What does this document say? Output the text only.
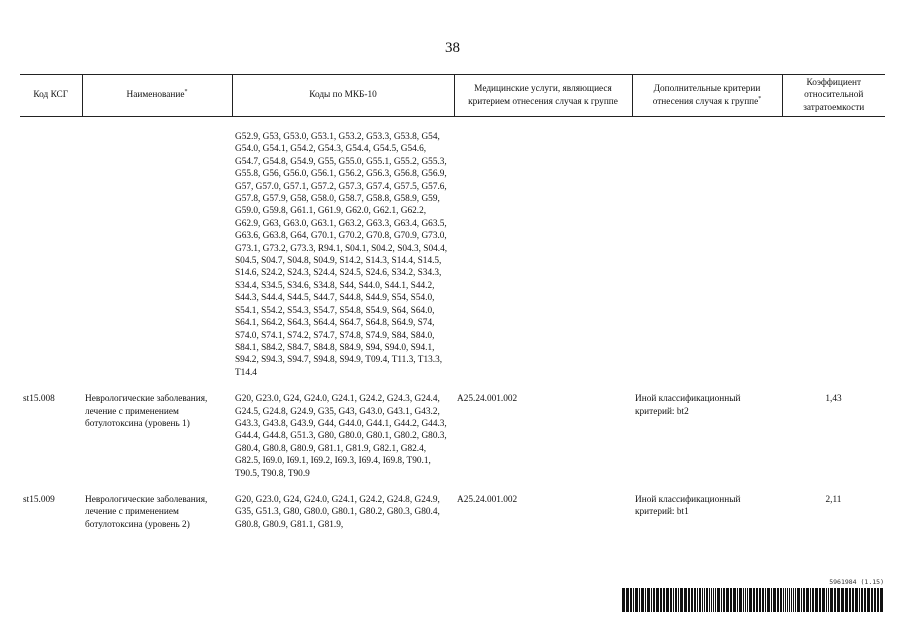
38
Код КСГ	Наименование*	Коды по МКБ-10	Медицинские услуги, являющиеся критерием отнесения случая к группе	Дополнительные критерии отнесения случая к группе*	Коэффициент относительной затратоемкости

		G52.9, G53, G53.0, G53.1, G53.2, G53.3, G53.8, G54, G54.0, G54.1, G54.2, G54.3, G54.4, G54.5, G54.6, G54.7, G54.8, G54.9, G55, G55.0, G55.1, G55.2, G55.3, G55.8, G56, G56.0, G56.1, G56.2, G56.3, G56.8, G56.9, G57, G57.0, G57.1, G57.2, G57.3, G57.4, G57.5, G57.6, G57.8, G57.9, G58, G58.0, G58.7, G58.8, G58.9, G59, G59.0, G59.8, G61.1, G61.9, G62.0, G62.1, G62.2, G62.9, G63, G63.0, G63.1, G63.2, G63.3, G63.4, G63.5, G63.6, G63.8, G64, G70.1, G70.2, G70.8, G70.9, G73.0, G73.1, G73.2, G73.3, R94.1, S04.1, S04.2, S04.3, S04.4, S04.5, S04.7, S04.8, S04.9, S14.2, S14.3, S14.4, S14.5, S14.6, S24.2, S24.3, S24.4, S24.5, S24.6, S34.2, S34.3, S34.4, S34.5, S34.6, S34.8, S44, S44.0, S44.1, S44.2, S44.3, S44.4, S44.5, S44.7, S44.8, S44.9, S54, S54.0, S54.1, S54.2, S54.3, S54.7, S54.8, S54.9, S64, S64.0, S64.1, S64.2, S64.3, S64.4, S64.7, S64.8, S64.9, S74, S74.0, S74.1, S74.2, S74.7, S74.8, S74.9, S84, S84.0, S84.1, S84.2, S84.7, S84.8, S84.9, S94, S94.0, S94.1, S94.2, S94.3, S94.7, S94.8, S94.9, T09.4, T11.3, T13.3, T14.4			

st15.008	Неврологические заболевания, лечение с применением ботулотоксина (уровень 1)	G20, G23.0, G24, G24.0, G24.1, G24.2, G24.3, G24.4, G24.5, G24.8, G24.9, G35, G43, G43.0, G43.1, G43.2, G43.3, G43.8, G43.9, G44, G44.0, G44.1, G44.2, G44.3, G44.4, G44.8, G51.3, G80, G80.0, G80.1, G80.2, G80.3, G80.4, G80.8, G80.9, G81.1, G81.9, G82.1, G82.4, G82.5, I69.0, I69.1, I69.2, I69.3, I69.4, I69.8, T90.1, T90.5, T90.8, T90.9	A25.24.001.002	Иной классификационный критерий: bt2	1,43

st15.009	Неврологические заболевания, лечение с применением ботулотоксина (уровень 2)	G20, G23.0, G24, G24.0, G24.1, G24.2, G24.8, G24.9, G35, G51.3, G80, G80.0, G80.1, G80.2, G80.3, G80.4, G80.8, G80.9, G81.1, G81.9,	A25.24.001.002	Иной классификационный критерий: bt1	2,11
5961984 (1.15)
